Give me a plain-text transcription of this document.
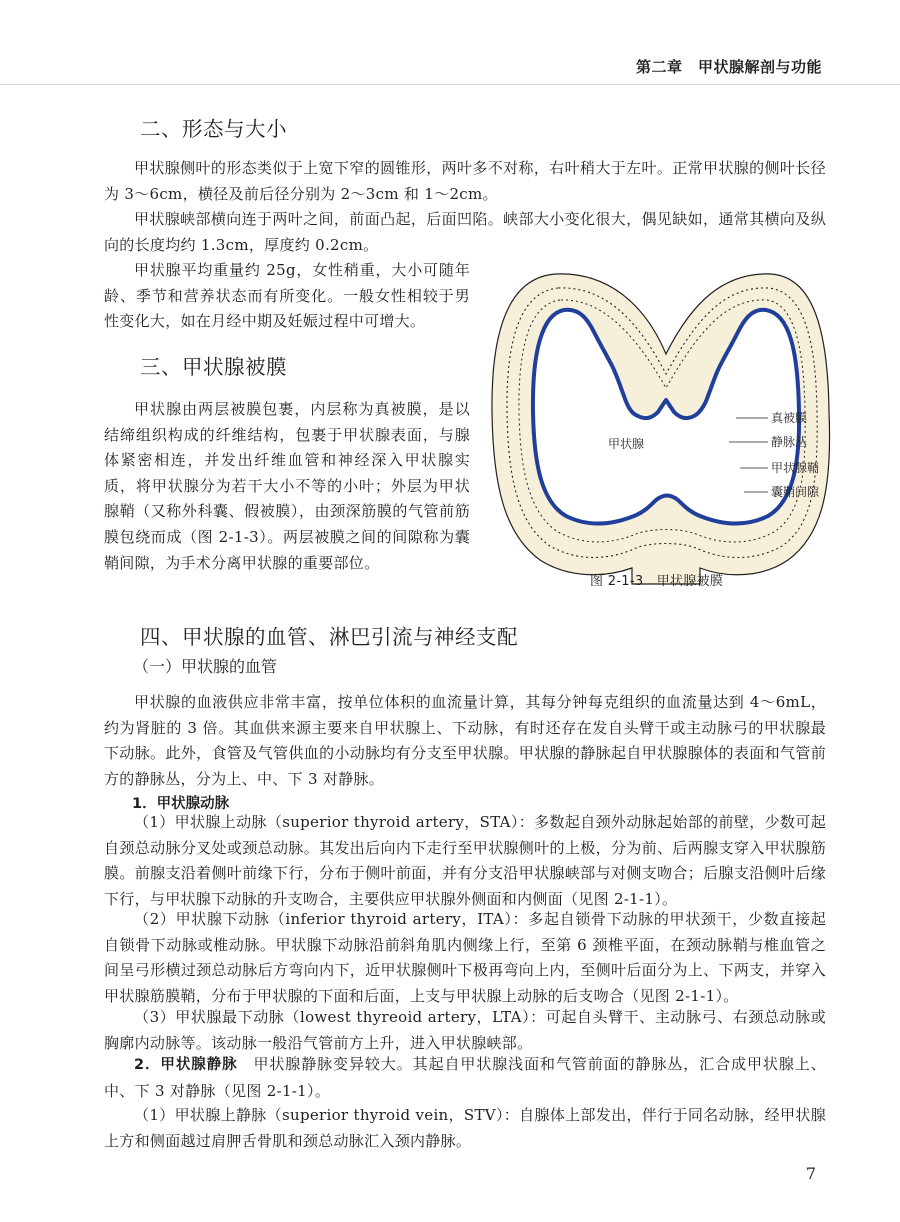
第二章　甲状腺解剖与功能
二、形态与大小
甲状腺侧叶的形态类似于上宽下窄的圆锥形，两叶多不对称，右叶稍大于左叶。正常甲状腺的侧叶长径为 3～6cm，横径及前后径分别为 2～3cm 和 1～2cm。
甲状腺峡部横向连于两叶之间，前面凸起，后面凹陷。峡部大小变化很大，偶见缺如，通常其横向及纵向的长度均约 1.3cm，厚度约 0.2cm。
甲状腺平均重量约 25g，女性稍重，大小可随年龄、季节和营养状态而有所变化。一般女性相较于男性变化大，如在月经中期及妊娠过程中可增大。
三、甲状腺被膜
甲状腺由两层被膜包裹，内层称为真被膜，是以结缔组织构成的纤维结构，包裹于甲状腺表面，与腺体紧密相连，并发出纤维血管和神经深入甲状腺实质，将甲状腺分为若干大小不等的小叶；外层为甲状腺鞘（又称外科囊、假被膜），由颈深筋膜的气管前筋膜包绕而成（图 2-1-3）。两层被膜之间的间隙称为囊鞘间隙，为手术分离甲状腺的重要部位。
甲状腺
真被膜
静脉丛
甲状腺鞘
囊鞘间隙
图 2-1-3　甲状腺被膜
四、甲状腺的血管、淋巴引流与神经支配
（一）甲状腺的血管
甲状腺的血液供应非常丰富，按单位体积的血流量计算，其每分钟每克组织的血流量达到 4～6mL，约为肾脏的 3 倍。其血供来源主要来自甲状腺上、下动脉，有时还存在发自头臂干或主动脉弓的甲状腺最下动脉。此外，食管及气管供血的小动脉均有分支至甲状腺。甲状腺的静脉起自甲状腺腺体的表面和气管前方的静脉丛，分为上、中、下 3 对静脉。
1．甲状腺动脉
（1）甲状腺上动脉（superior thyroid artery，STA）：多数起自颈外动脉起始部的前壁，少数可起自颈总动脉分叉处或颈总动脉。其发出后向内下走行至甲状腺侧叶的上极，分为前、后两腺支穿入甲状腺筋膜。前腺支沿着侧叶前缘下行，分布于侧叶前面，并有分支沿甲状腺峡部与对侧支吻合；后腺支沿侧叶后缘下行，与甲状腺下动脉的升支吻合，主要供应甲状腺外侧面和内侧面（见图 2-1-1）。
（2）甲状腺下动脉（inferior thyroid artery，ITA）：多起自锁骨下动脉的甲状颈干，少数直接起自锁骨下动脉或椎动脉。甲状腺下动脉沿前斜角肌内侧缘上行，至第 6 颈椎平面，在颈动脉鞘与椎血管之间呈弓形横过颈总动脉后方弯向内下，近甲状腺侧叶下极再弯向上内，至侧叶后面分为上、下两支，并穿入甲状腺筋膜鞘，分布于甲状腺的下面和后面，上支与甲状腺上动脉的后支吻合（见图 2-1-1）。
（3）甲状腺最下动脉（lowest thyreoid artery，LTA）：可起自头臂干、主动脉弓、右颈总动脉或胸廓内动脉等。该动脉一般沿气管前方上升，进入甲状腺峡部。
2．甲状腺静脉　 甲状腺静脉变异较大。其起自甲状腺浅面和气管前面的静脉丛，汇合成甲状腺上、中、下 3 对静脉（见图 2-1-1）。
（1）甲状腺上静脉（superior thyroid vein，STV）：自腺体上部发出，伴行于同名动脉，经甲状腺上方和侧面越过肩胛舌骨肌和颈总动脉汇入颈内静脉。
7
